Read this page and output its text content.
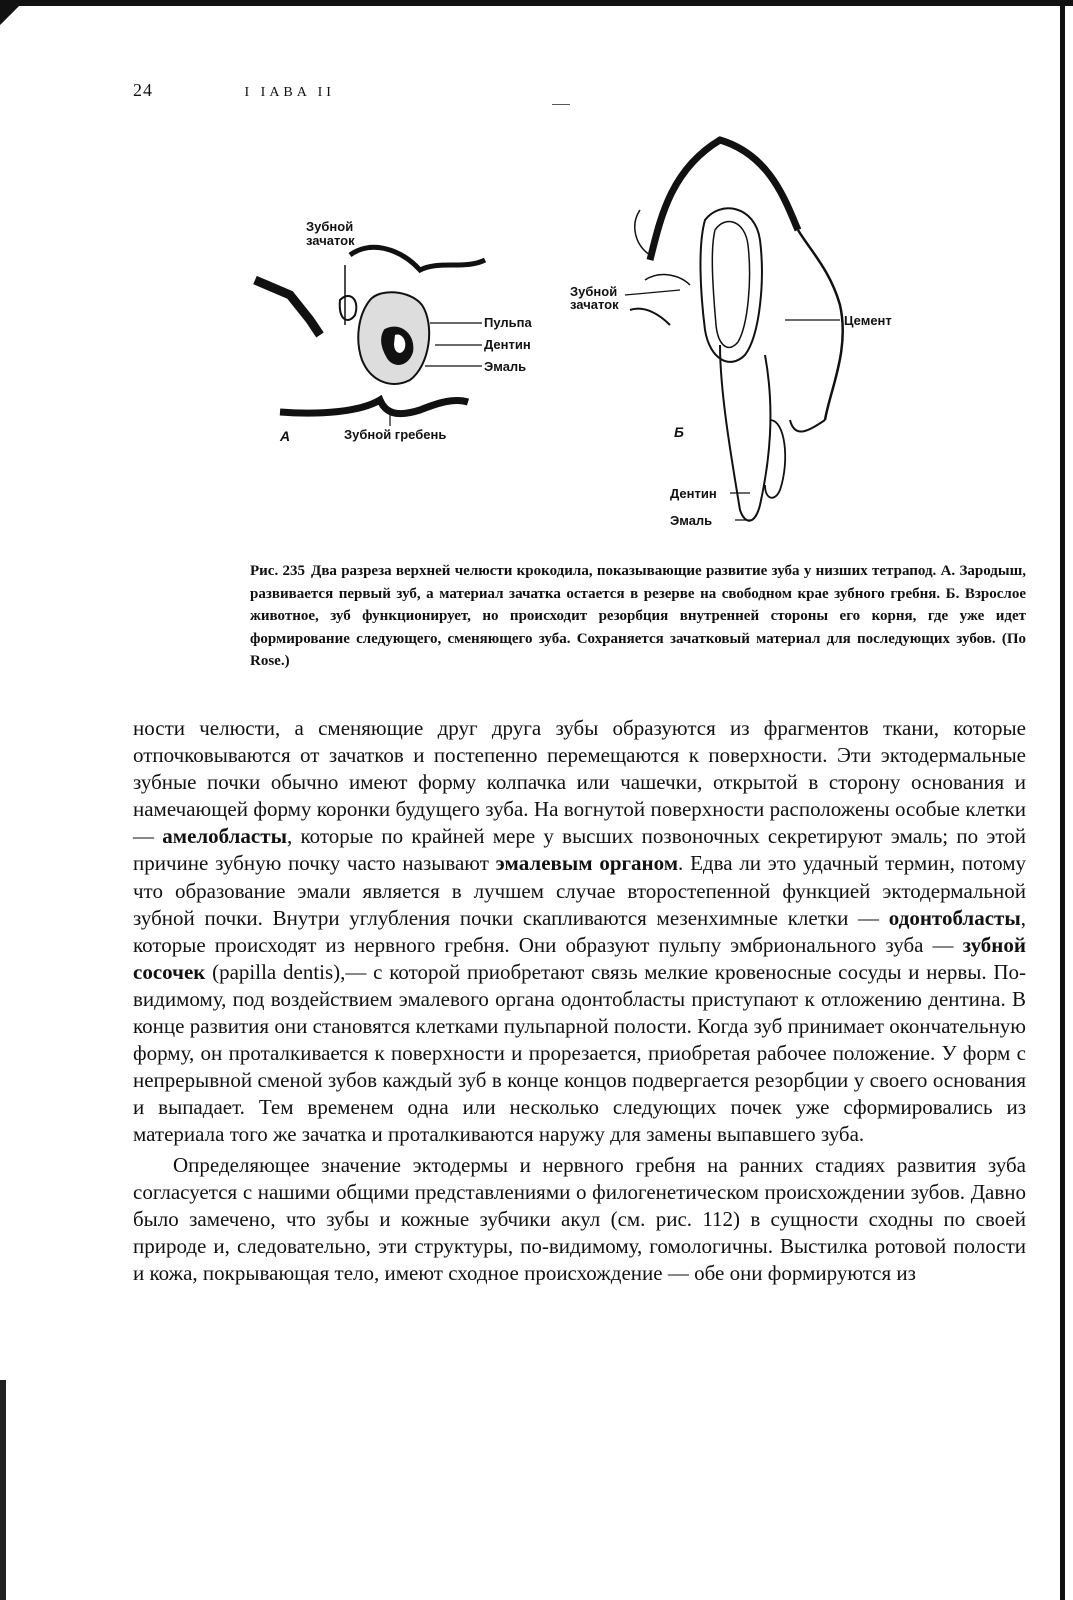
24	I IAВA II
Зубной
зачаток
Пульпа
Дентин
Эмаль
А	Зубной гребень
Зубной
зачаток
Цемент
Б
Дентин
Эмаль
Рис. 235 Два разреза верхней челюсти крокодила, показывающие развитие зуба у низших тетрапод. А. Зародыш, развивается первый зуб, а материал зачатка остается в резерве на свободном крае зубного гребня. Б. Взрослое животное, зуб функционирует, но происходит резорбция внутренней стороны его корня, где уже идет формирование следующего, сменяющего зуба. Сохраняется зачатковый материал для последующих зубов. (По Rose.)

ности челюсти, а сменяющие друг друга зубы образуются из фрагментов ткани, которые отпочковываются от зачатков и постепенно перемещаются к поверхности. Эти эктодермальные зубные почки обычно имеют форму колпачка или чашечки, открытой в сторону основания и намечающей форму коронки будущего зуба. На вогнутой поверхности расположены особые клетки — амелобласты, которые по крайней мере у высших позвоночных секретируют эмаль; по этой причине зубную почку часто называют эмалевым органом. Едва ли это удачный термин, потому что образование эмали является в лучшем случае второстепенной функцией эктодермальной зубной почки. Внутри углубления почки скапливаются мезенхимные клетки — одонтобласты, которые происходят из нервного гребня. Они образуют пульпу эмбрионального зуба — зубной сосочек (papilla dentis),— с которой приобретают связь мелкие кровеносные сосуды и нервы. По-видимому, под воздействием эмалевого органа одонтобласты приступают к отложению дентина. В конце развития они становятся клетками пульпарной полости. Когда зуб принимает окончательную форму, он проталкивается к поверхности и прорезается, приобретая рабочее положение. У форм с непрерывной сменой зубов каждый зуб в конце концов подвергается резорбции у своего основания и выпадает. Тем временем одна или несколько следующих почек уже сформировались из материала того же зачатка и проталкиваются наружу для замены выпавшего зуба.

Определяющее значение эктодермы и нервного гребня на ранних стадиях развития зуба согласуется с нашими общими представлениями о филогенетическом происхождении зубов. Давно было замечено, что зубы и кожные зубчики акул (см. рис. 112) в сущности сходны по своей природе и, следовательно, эти структуры, по-видимому, гомологичны. Выстилка ротовой полости и кожа, покрывающая тело, имеют сходное происхождение — обе они формируются из
